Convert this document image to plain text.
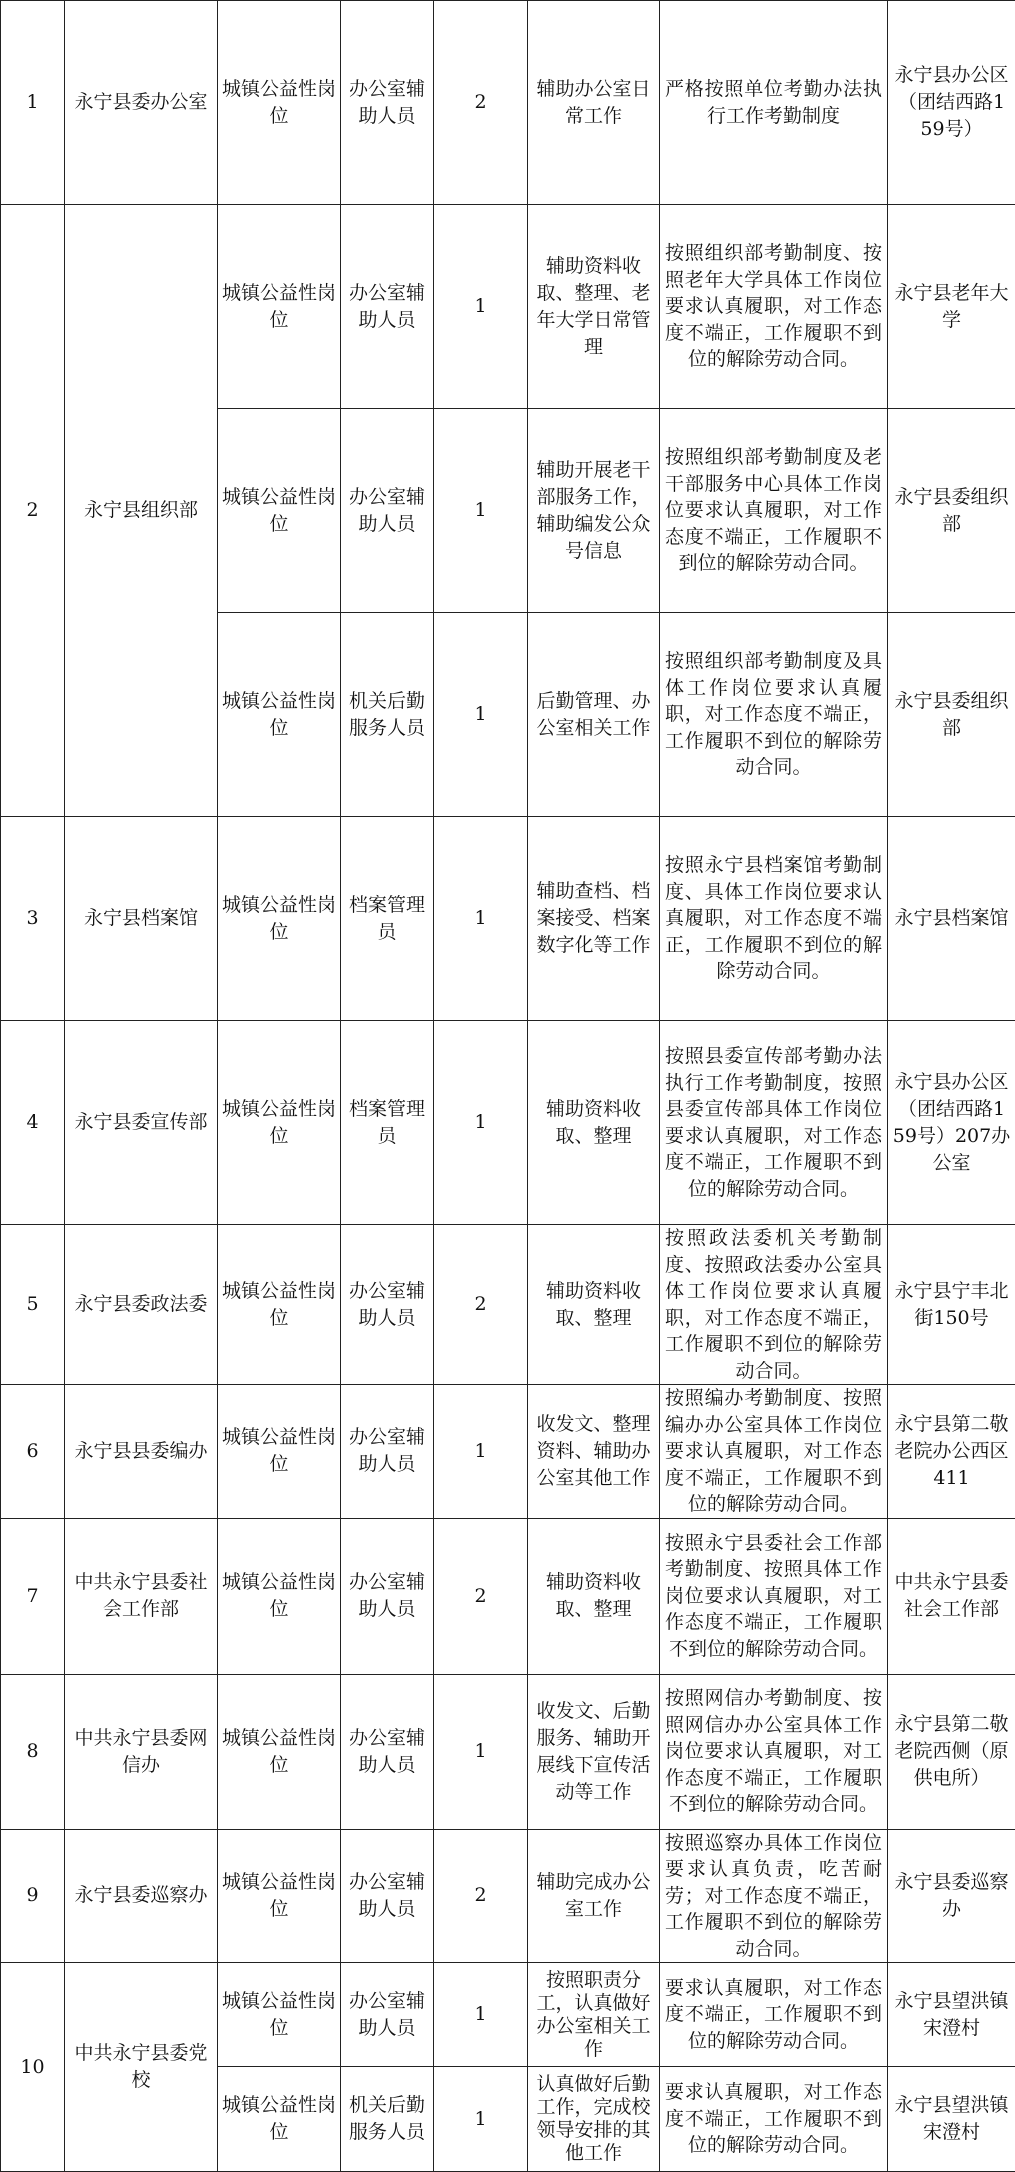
1	永宁县委办公室	城镇公益性岗位	办公室辅助人员	2	辅助办公室日常工作	严格按照单位考勤办法执行工作考勤制度	永宁县办公区（团结西路159号）
2	永宁县组织部	城镇公益性岗位	办公室辅助人员	1	辅助资料收取、整理、老年大学日常管理	按照组织部考勤制度、按照老年大学具体工作岗位要求认真履职，对工作态度不端正，工作履职不到位的解除劳动合同。	永宁县老年大学
		城镇公益性岗位	办公室辅助人员	1	辅助开展老干部服务工作，辅助编发公众号信息	按照组织部考勤制度及老干部服务中心具体工作岗位要求认真履职，对工作态度不端正，工作履职不到位的解除劳动合同。	永宁县委组织部
		城镇公益性岗位	机关后勤服务人员	1	后勤管理、办公室相关工作	按照组织部考勤制度及具体工作岗位要求认真履职，对工作态度不端正，工作履职不到位的解除劳动合同。	永宁县委组织部
3	永宁县档案馆	城镇公益性岗位	档案管理员	1	辅助查档、档案接受、档案数字化等工作	按照永宁县档案馆考勤制度、具体工作岗位要求认真履职，对工作态度不端正，工作履职不到位的解除劳动合同。	永宁县档案馆
4	永宁县委宣传部	城镇公益性岗位	档案管理员	1	辅助资料收取、整理	按照县委宣传部考勤办法执行工作考勤制度，按照县委宣传部具体工作岗位要求认真履职，对工作态度不端正，工作履职不到位的解除劳动合同。	永宁县办公区（团结西路159号）207办公室
5	永宁县委政法委	城镇公益性岗位	办公室辅助人员	2	辅助资料收取、整理	按照政法委机关考勤制度、按照政法委办公室具体工作岗位要求认真履职，对工作态度不端正，工作履职不到位的解除劳动合同。	永宁县宁丰北街150号
6	永宁县县委编办	城镇公益性岗位	办公室辅助人员	1	收发文、整理资料、辅助办公室其他工作	按照编办考勤制度、按照编办办公室具体工作岗位要求认真履职，对工作态度不端正，工作履职不到位的解除劳动合同。	永宁县第二敬老院办公西区411
7	中共永宁县委社会工作部	城镇公益性岗位	办公室辅助人员	2	辅助资料收取、整理	按照永宁县委社会工作部考勤制度、按照具体工作岗位要求认真履职，对工作态度不端正，工作履职不到位的解除劳动合同。	中共永宁县委社会工作部
8	中共永宁县委网信办	城镇公益性岗位	办公室辅助人员	1	收发文、后勤服务、辅助开展线下宣传活动等工作	按照网信办考勤制度、按照网信办办公室具体工作岗位要求认真履职，对工作态度不端正，工作履职不到位的解除劳动合同。	永宁县第二敬老院西侧（原供电所）
9	永宁县委巡察办	城镇公益性岗位	办公室辅助人员	2	辅助完成办公室工作	按照巡察办具体工作岗位要求认真负责，吃苦耐劳；对工作态度不端正，工作履职不到位的解除劳动合同。	永宁县委巡察办
10	中共永宁县委党校	城镇公益性岗位	办公室辅助人员	1	按照职责分工，认真做好办公室相关工作	要求认真履职，对工作态度不端正，工作履职不到位的解除劳动合同。	永宁县望洪镇宋澄村
		城镇公益性岗位	机关后勤服务人员	1	认真做好后勤工作，完成校领导安排的其他工作	要求认真履职，对工作态度不端正，工作履职不到位的解除劳动合同。	永宁县望洪镇宋澄村
